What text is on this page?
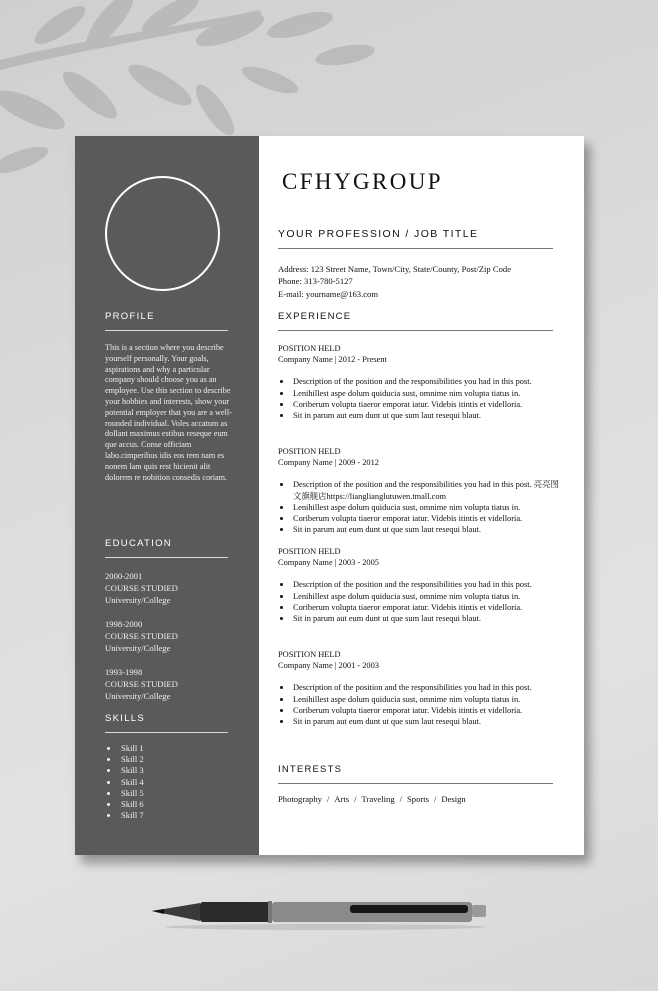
PROFILE
This is a section where you describe yourself personally. Your goals, aspirations and why a particular company should choose you as an employee. Use this section to describe your hobbies and interests, show your potential employer that you are a well-rounded individual. Voles accatum as dollant maximus estibus reseque eum que accus. Conse officiam labo.cimperibus idis eos rem nam es nonem lam quis rest hicienit alit dolorem re nobition consedis coriam.
EDUCATION
2000-2001
COURSE STUDIED
University/College
1998-2000
COURSE STUDIED
University/College
1993-1998
COURSE STUDIED
University/College
SKILLS
Skill 1
Skill 2
Skill 3
Skill 4
Skill 5
Skill 6
Skill 7
CFHYGROUP
YOUR PROFESSION / JOB TITLE
Address: 123 Street Name, Town/City, State/County, Post/Zip Code
Phone: 313-780-5127
E-mail: yourname@163.com
EXPERIENCE
POSITION HELD
Company Name | 2012 - Present
Description of the position and the responsibilities you had in this post.
Lenihillest aspe dolum quiducia sust, omnime nim volupta tiatus in.
Coriberum volupta tiaeror emporat iatur. Videbis itintis et videlloria.
Sit in parum aut eum dunt ut que sum laut resequi blaut.
POSITION HELD
Company Name | 2009 - 2012
Description of the position and the responsibilities you had in this post. 亮亮图文旗舰店https://lianglianglutuwen.tmall.com
Lenihillest aspe dolum quiducia sust, omnime nim volupta tiatus in.
Coriberum volupta tiaeror emporat iatur. Videbis itintis et videlloria.
Sit in parum aut eum dunt ut que sum laut resequi blaut.
POSITION HELD
Company Name | 2003 - 2005
Description of the position and the responsibilities you had in this post.
Lenihillest aspe dolum quiducia sust, omnime nim volupta tiatus in.
Coriberum volupta tiaeror emporat iatur. Videbis itintis et videlloria.
Sit in parum aut eum dunt ut que sum laut resequi blaut.
POSITION HELD
Company Name | 2001 - 2003
Description of the position and the responsibilities you had in this post.
Lenihillest aspe dolum quiducia sust, omnime nim volupta tiatus in.
Coriberum volupta tiaeror emporat iatur. Videbis itintis et videlloria.
Sit in parum aut eum dunt ut que sum laut resequi blaut.
INTERESTS
Photography / Arts / Traveling / Sports / Design
